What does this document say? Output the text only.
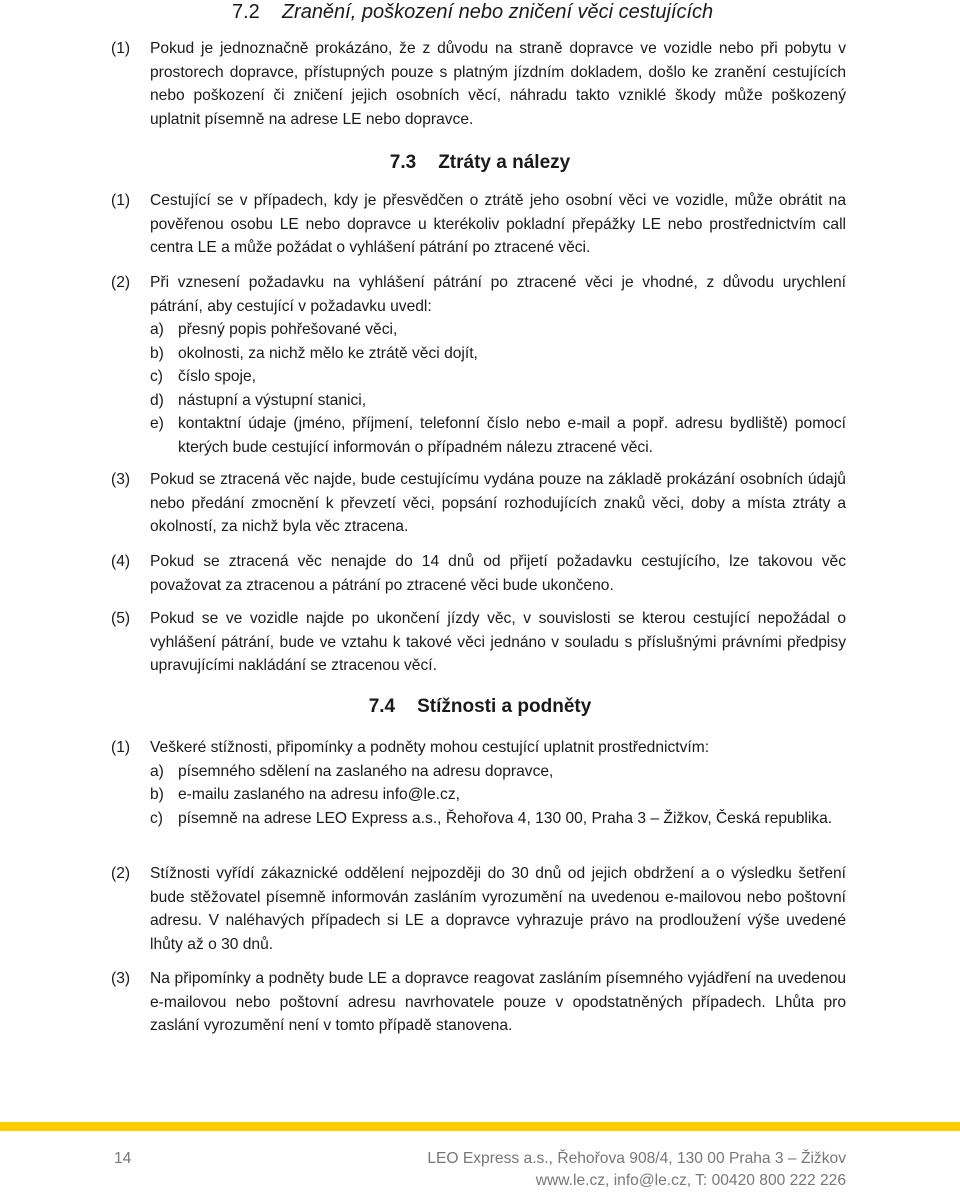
7.2 Zranění, poškození nebo zničení věci cestujících
(1) Pokud je jednoznačně prokázáno, že z důvodu na straně dopravce ve vozidle nebo při pobytu v prostorech dopravce, přístupných pouze s platným jízdním dokladem, došlo ke zranění cestujících nebo poškození či zničení jejich osobních věcí, náhradu takto vzniklé škody může poškozený uplatnit písemně na adrese LE nebo dopravce.
7.3 Ztráty a nálezy
(1) Cestující se v případech, kdy je přesvědčen o ztrátě jeho osobní věci ve vozidle, může obrátit na pověřenou osobu LE nebo dopravce u kterékoliv pokladní přepážky LE nebo prostřednictvím call centra LE a může požádat o vyhlášení pátrání po ztracené věci.
(2) Při vznesení požadavku na vyhlášení pátrání po ztracené věci je vhodné, z důvodu urychlení pátrání, aby cestující v požadavku uvedl:
a) přesný popis pohřešované věci,
b) okolnosti, za nichž mělo ke ztrátě věci dojít,
c) číslo spoje,
d) nástupní a výstupní stanici,
e) kontaktní údaje (jméno, příjmení, telefonní číslo nebo e-mail a popř. adresu bydliště) pomocí kterých bude cestující informován o případném nálezu ztracené věci.
(3) Pokud se ztracená věc najde, bude cestujícímu vydána pouze na základě prokázání osobních údajů nebo předání zmocnění k převzetí věci, popsání rozhodujících znaků věci, doby a místa ztráty a okolností, za nichž byla věc ztracena.
(4) Pokud se ztracená věc nenajde do 14 dnů od přijetí požadavku cestujícího, lze takovou věc považovat za ztracenou a pátrání po ztracené věci bude ukončeno.
(5) Pokud se ve vozidle najde po ukončení jízdy věc, v souvislosti se kterou cestující nepožádal o vyhlášení pátrání, bude ve vztahu k takové věci jednáno v souladu s příslušnými právními předpisy upravujícími nakládání se ztracenou věcí.
7.4 Stížnosti a podněty
(1) Veškeré stížnosti, připomínky a podněty mohou cestující uplatnit prostřednictvím:
a) písemného sdělení na zaslaného na adresu dopravce,
b) e-mailu zaslaného na adresu info@le.cz,
c) písemně na adrese LEO Express a.s., Řehořova 4, 130 00, Praha 3 – Žižkov, Česká republika.
(2) Stížnosti vyřídí zákaznické oddělení nejpozději do 30 dnů od jejich obdržení a o výsledku šetření bude stěžovatel písemně informován zasláním vyrozumění na uvedenou e-mailovou nebo poštovní adresu. V naléhavých případech si LE a dopravce vyhrazuje právo na prodloužení výše uvedené lhůty až o 30 dnů.
(3) Na připomínky a podněty bude LE a dopravce reagovat zasláním písemného vyjádření na uvedenou e-mailovou nebo poštovní adresu navrhovatele pouze v opodstatněných případech. Lhůta pro zaslání vyrozumění není v tomto případě stanovena.
14	LEO Express a.s., Řehořova 908/4, 130 00 Praha 3 – Žižkov
www.le.cz, info@le.cz, T: 00420 800 222 226
